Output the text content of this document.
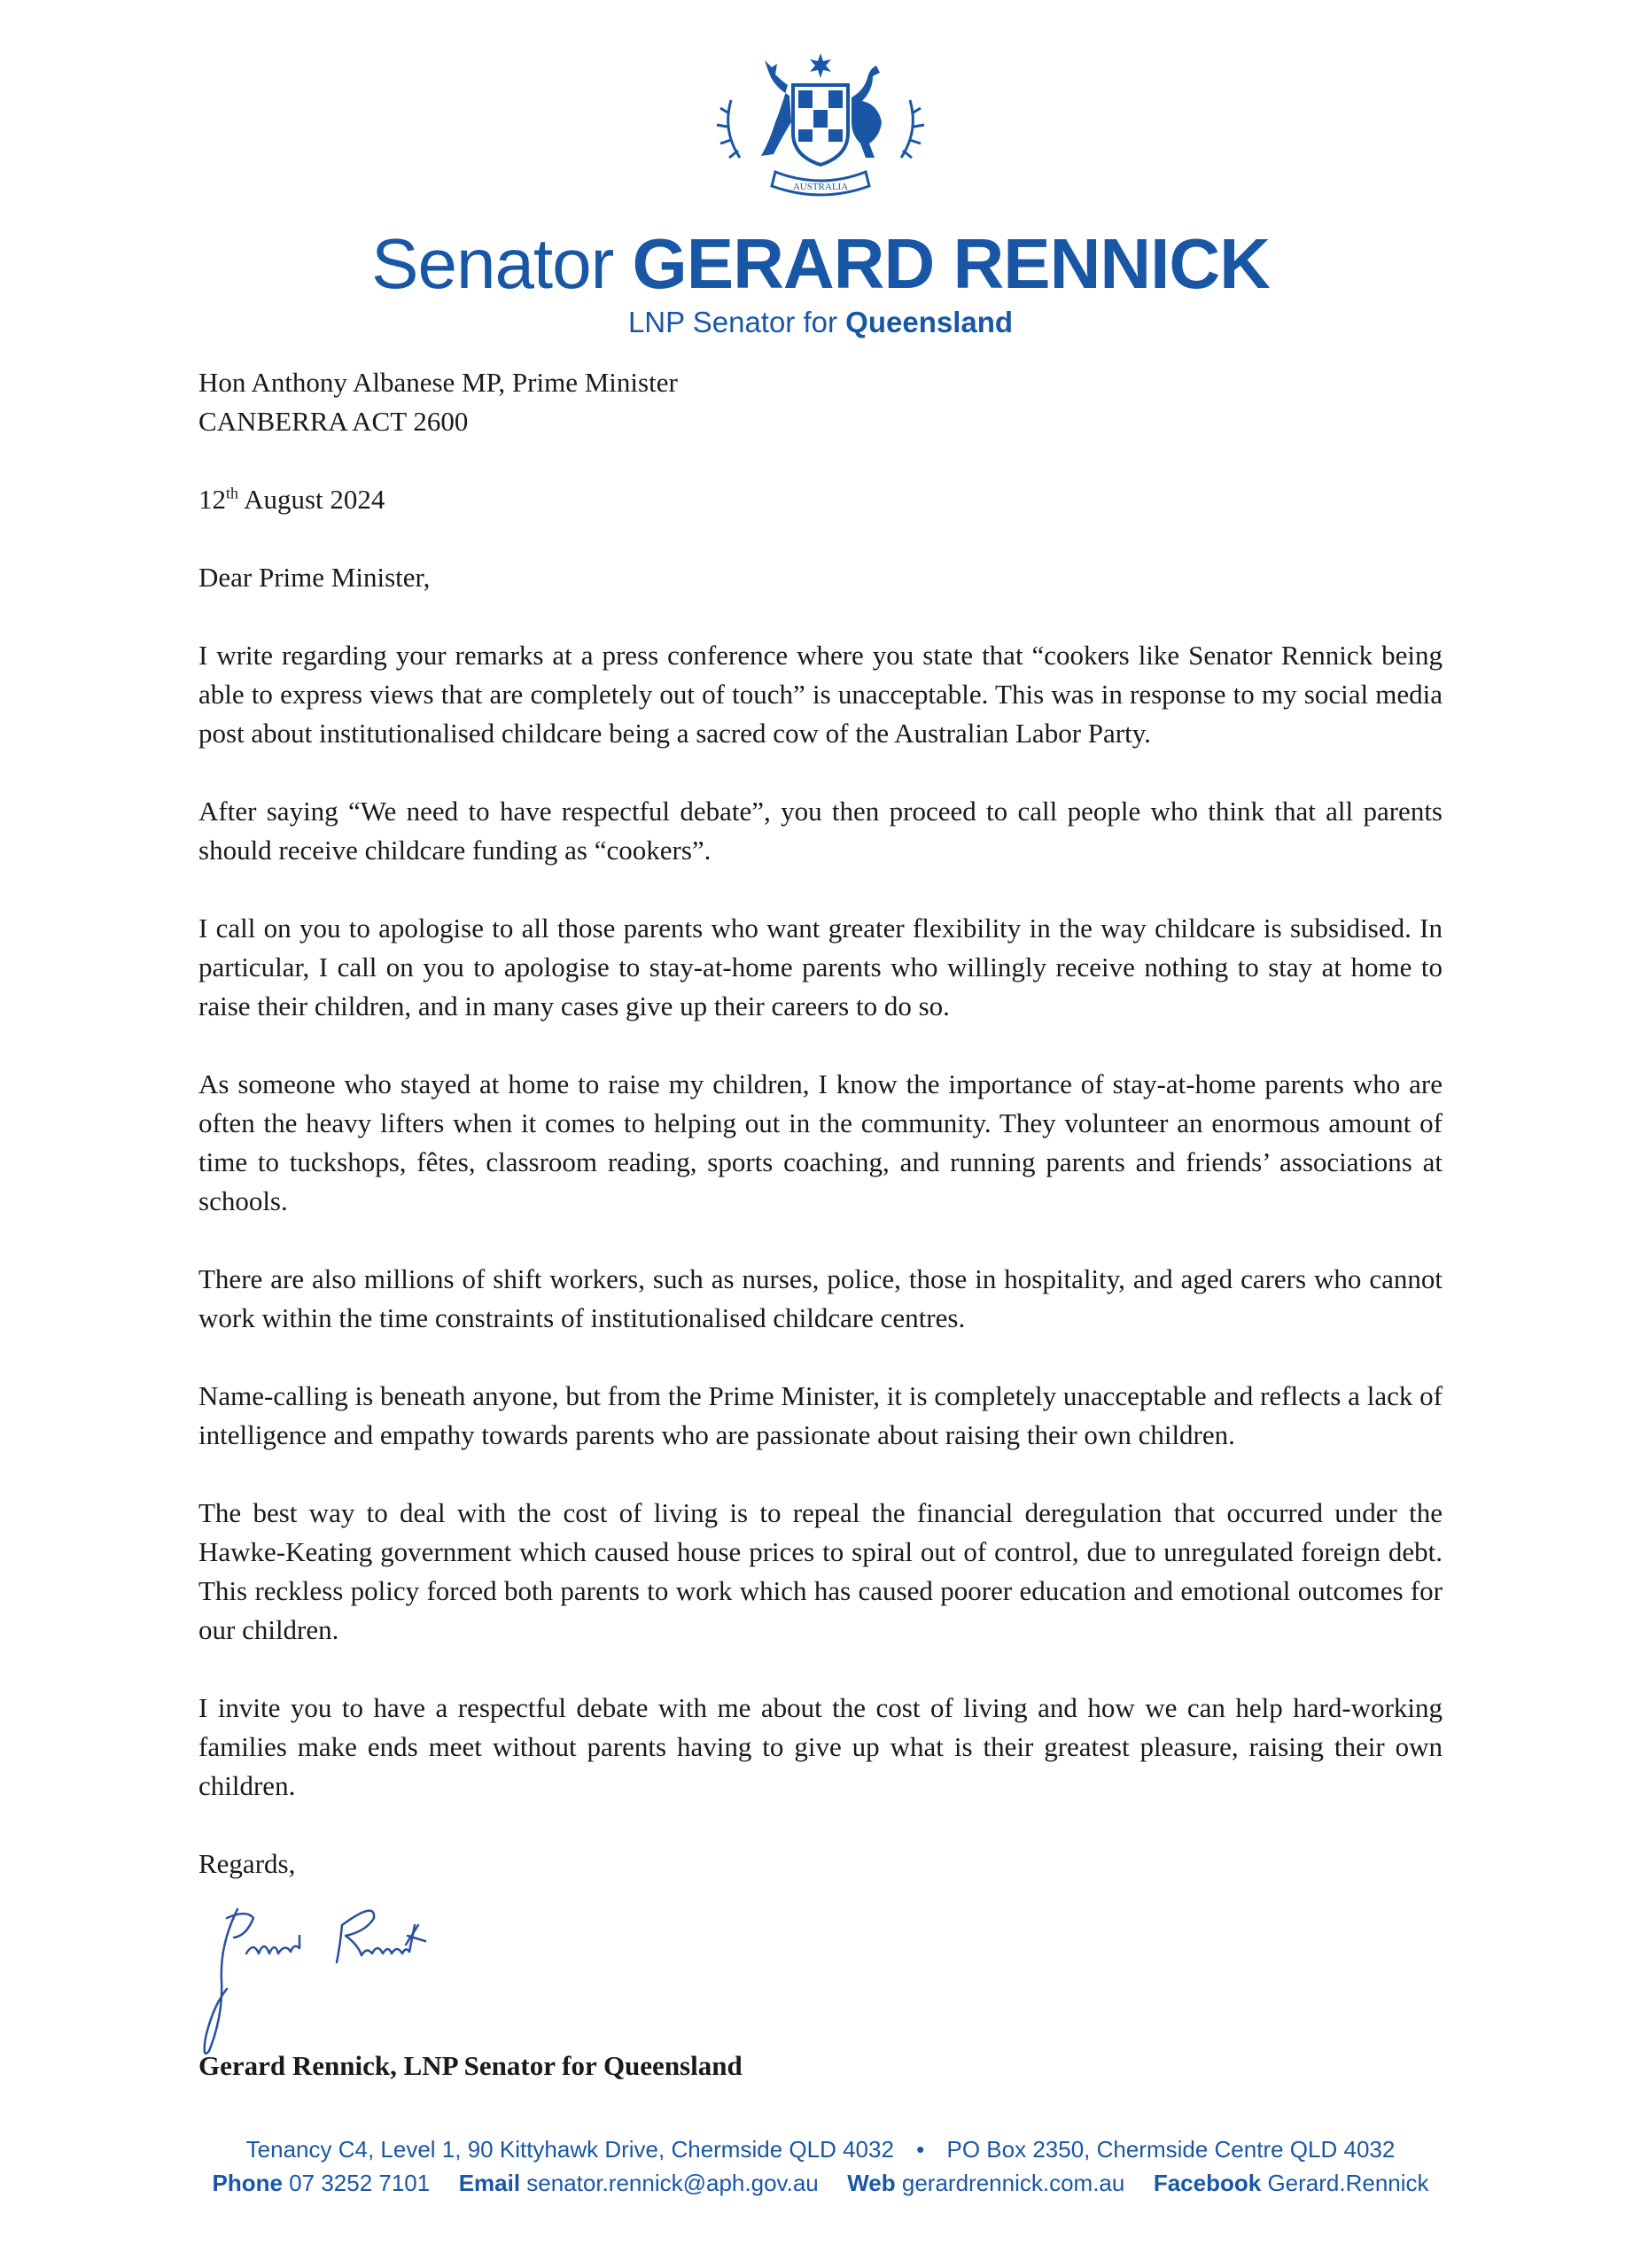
AUSTRALIA
Senator GERARD RENNICK
LNP Senator for Queensland

Hon Anthony Albanese MP, Prime Minister

CANBERRA ACT 2600

12th August 2024

Dear Prime Minister,

I write regarding your remarks at a press conference where you state that “cookers like Senator Rennick being able to express views that are completely out of touch” is unacceptable. This was in response to my social media post about institutionalised childcare being a sacred cow of the Australian Labor Party.

After saying “We need to have respectful debate”, you then proceed to call people who think that all parents should receive childcare funding as “cookers”.

I call on you to apologise to all those parents who want greater flexibility in the way childcare is subsidised. In particular, I call on you to apologise to stay-at-home parents who willingly receive nothing to stay at home to raise their children, and in many cases give up their careers to do so.

As someone who stayed at home to raise my children, I know the importance of stay-at-home parents who are often the heavy lifters when it comes to helping out in the community. They volunteer an enormous amount of time to tuckshops, fêtes, classroom reading, sports coaching, and running parents and friends’ associations at schools.

There are also millions of shift workers, such as nurses, police, those in hospitality, and aged carers who cannot work within the time constraints of institutionalised childcare centres.

Name-calling is beneath anyone, but from the Prime Minister, it is completely unacceptable and reflects a lack of intelligence and empathy towards parents who are passionate about raising their own children.

The best way to deal with the cost of living is to repeal the financial deregulation that occurred under the Hawke-Keating government which caused house prices to spiral out of control, due to unregulated foreign debt. This reckless policy forced both parents to work which has caused poorer education and emotional outcomes for our children.

I invite you to have a respectful debate with me about the cost of living and how we can help hard-working families make ends meet without parents having to give up what is their greatest pleasure, raising their own children.

Regards,

Gerard Rennick, LNP Senator for Queensland
Tenancy C4, Level 1, 90 Kittyhawk Drive, Chermside QLD 4032 • PO Box 2350, Chermside Centre QLD 4032
Phone 07 3252 7101 Email senator.rennick@aph.gov.au Web gerardrennick.com.au Facebook Gerard.Rennick
